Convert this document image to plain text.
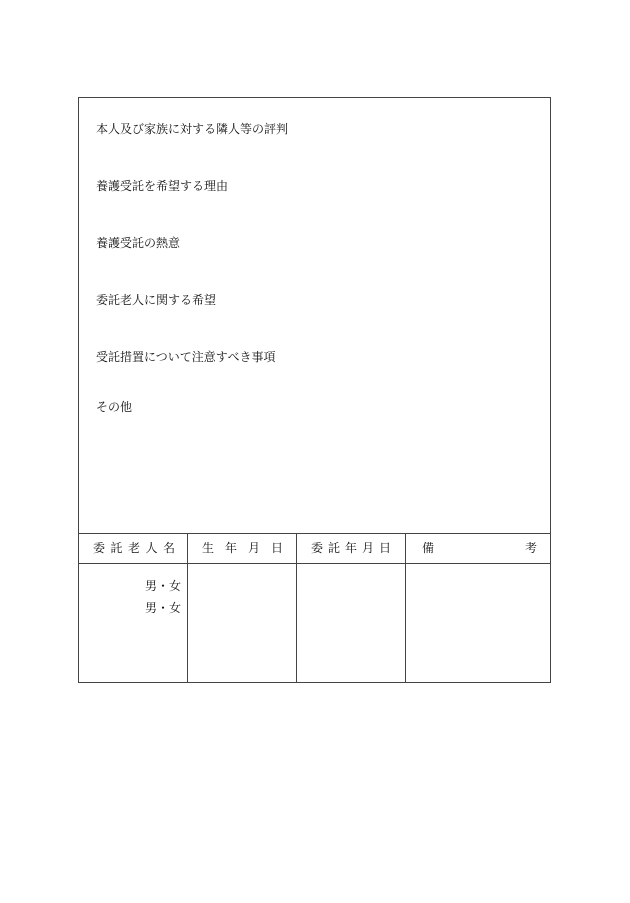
本人及び家族に対する隣人等の評判
養護受託を希望する理由
養護受託の熱意
委託老人に関する希望
受託措置について注意すべき事項
その他
委 託 老 人 名 生 年 月 日 委 託 年 月 日	備	考
男・女
男・女
